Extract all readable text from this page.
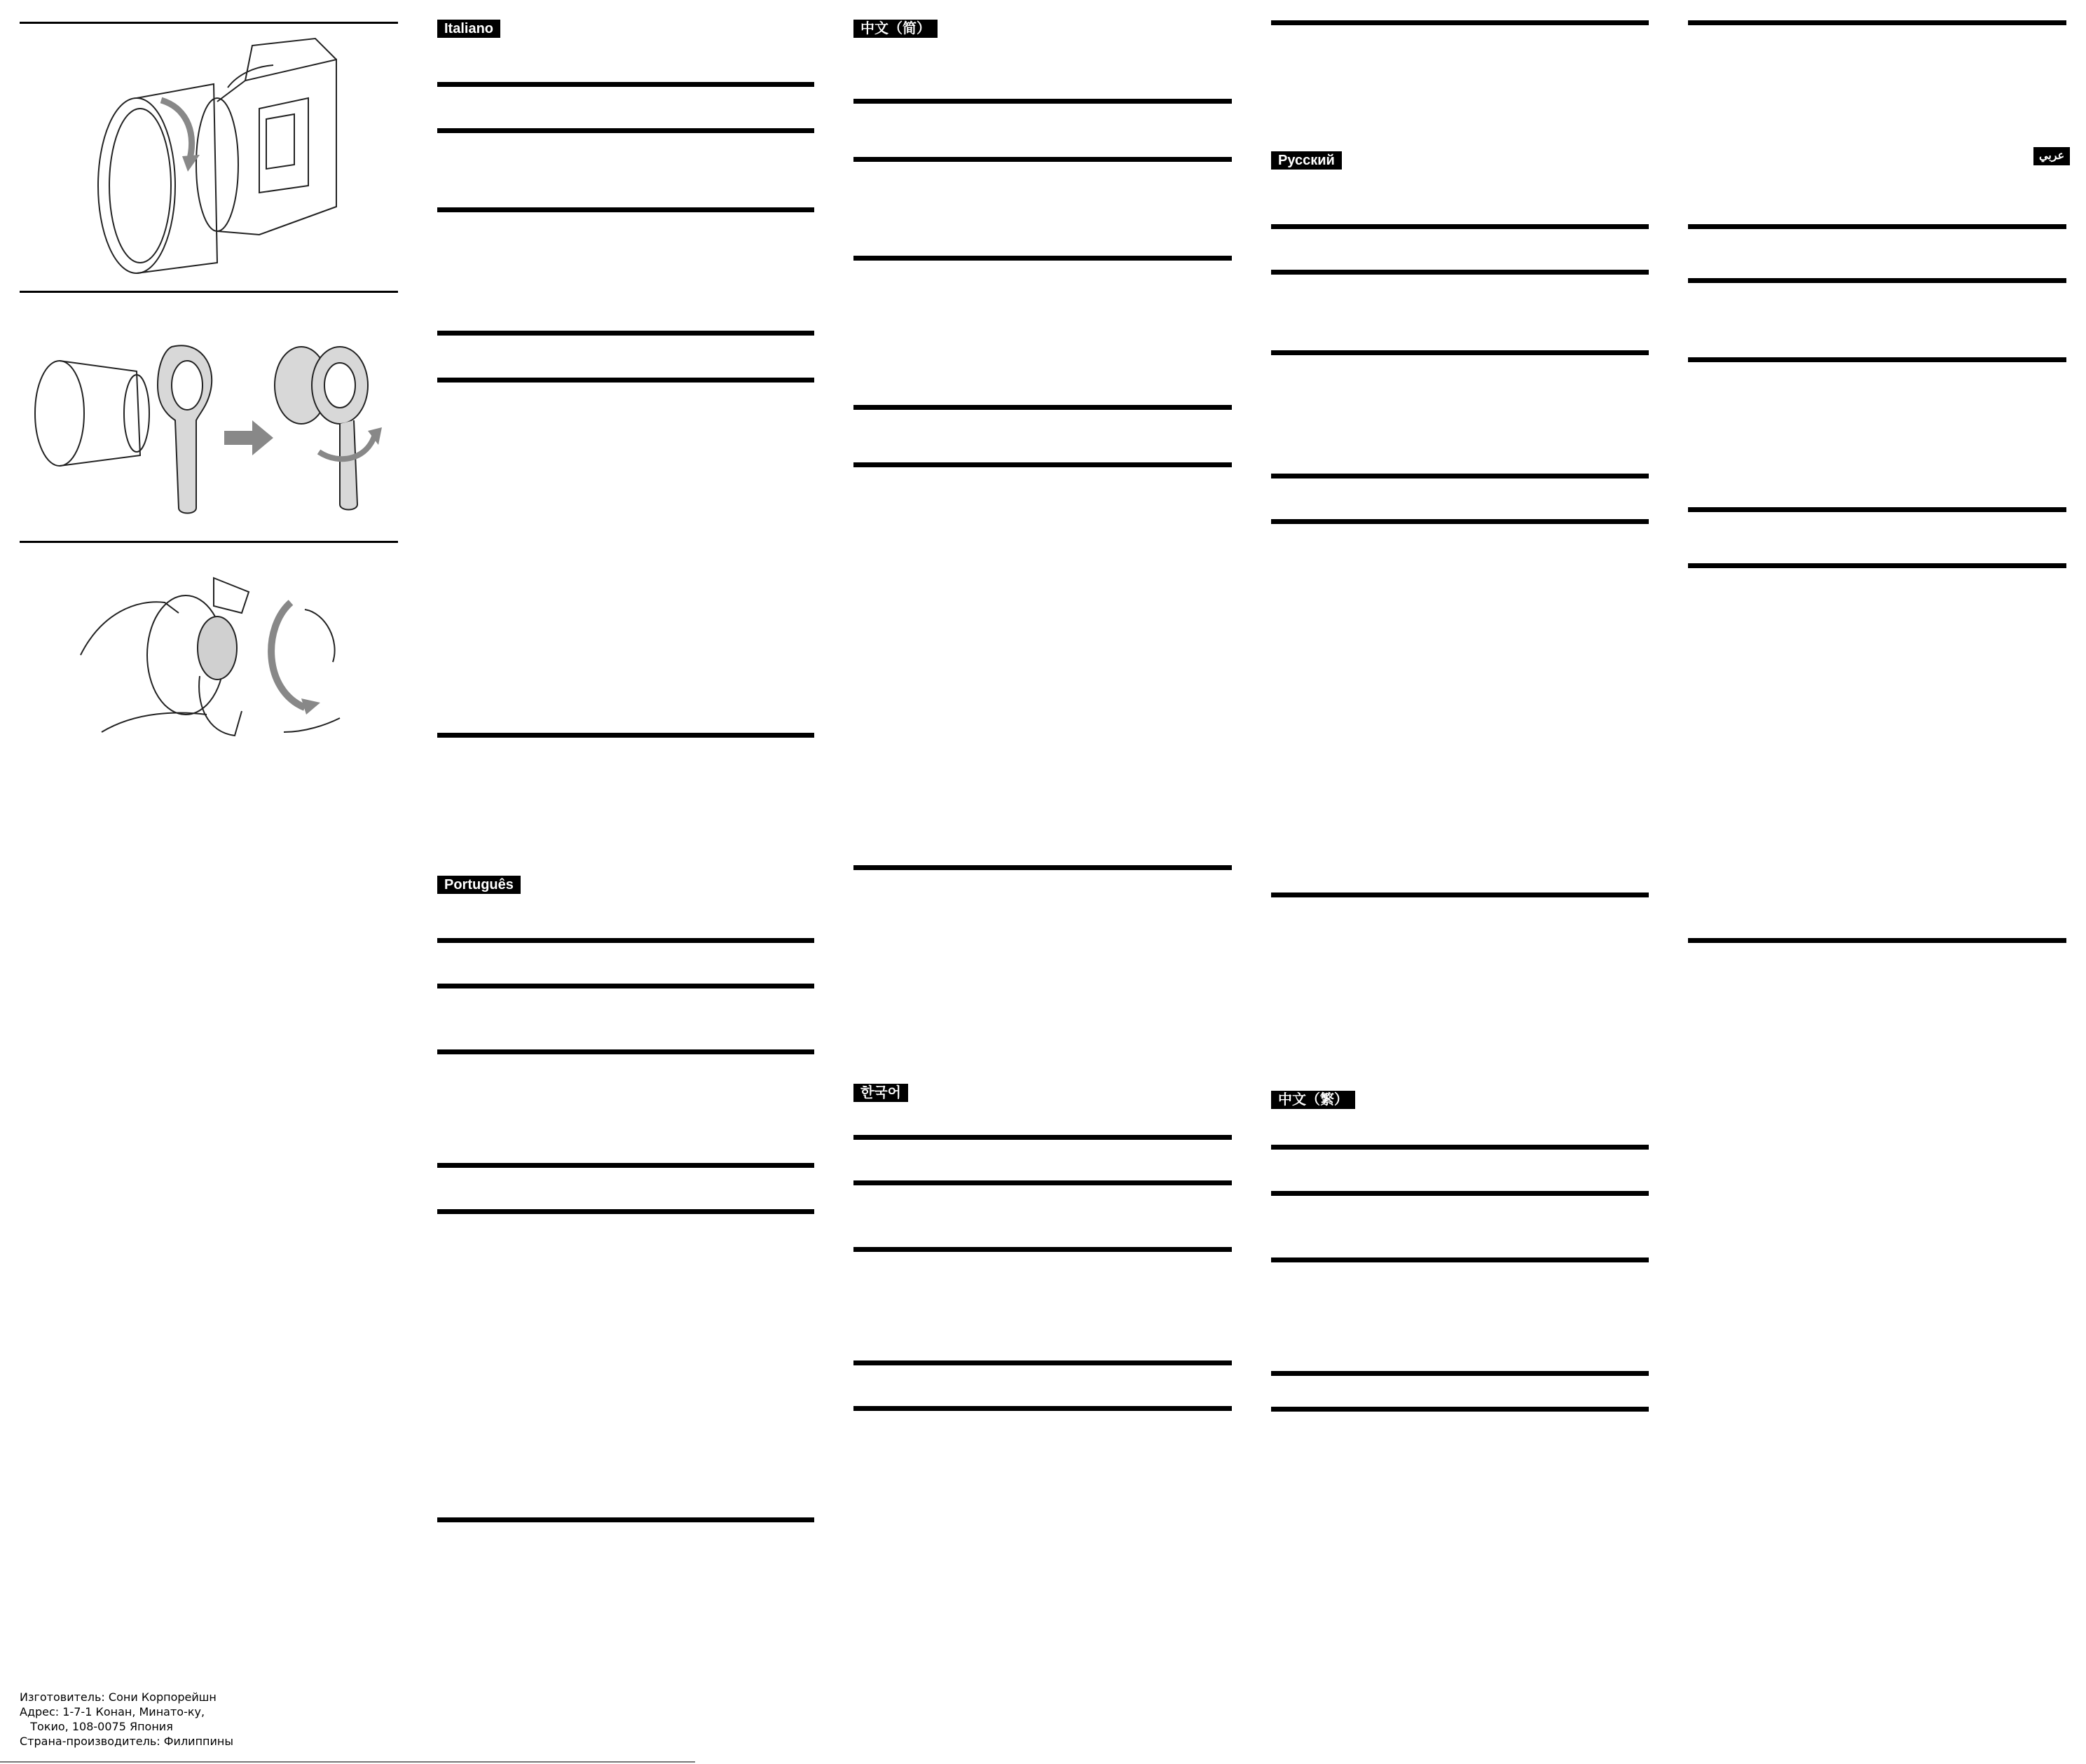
Italiano
Português
中文（简）
한국어
Русский
中文（繁）
عربي
Изготовитель: Сони Корпорейшн
Адрес: 1-7-1 Конан, Минато-ку,
Токио, 108-0075 Япония
Страна-производитель: Филиппины
